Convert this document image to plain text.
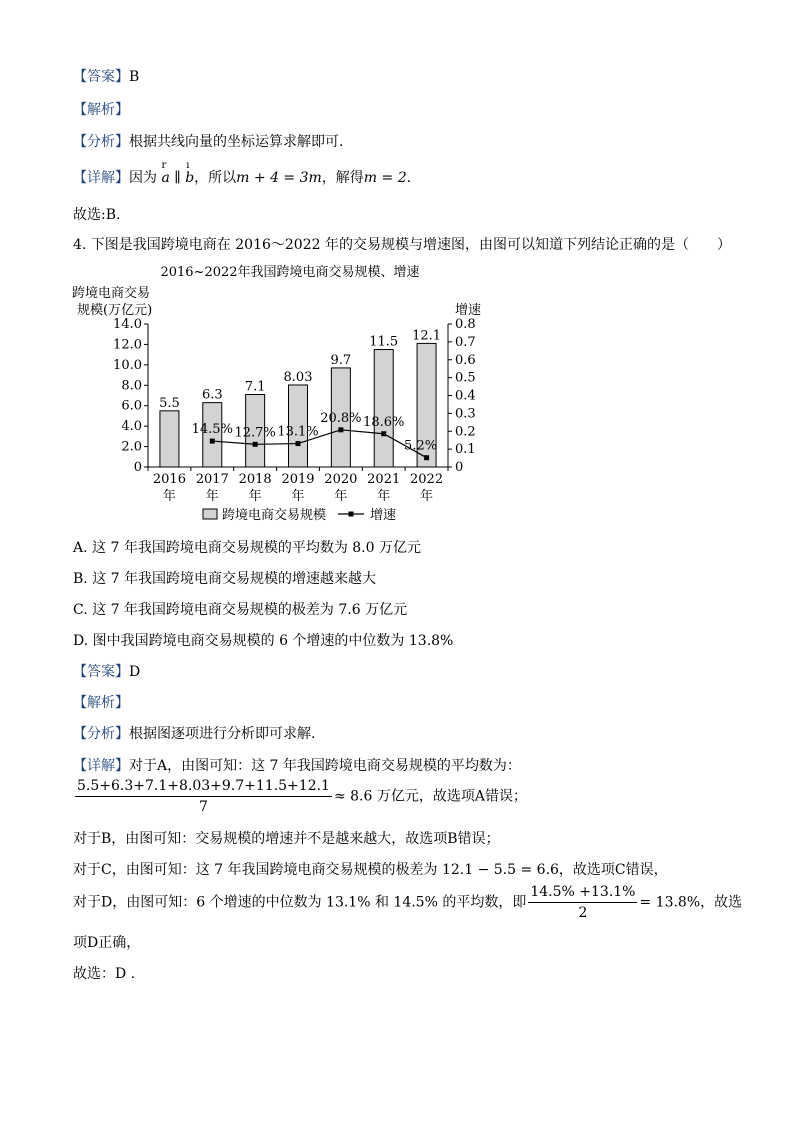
【答案】B
【解析】
【分析】根据共线向量的坐标运算求解即可.
【详解】因为
r
a ∥
ı
b，所以m + 4 = 3m，解得m = 2.
故选:B.
4. 下图是我国跨境电商在 2016～2022 年的交易规模与增速图，由图可以知道下列结论正确的是（　　）
2016~2022年我国跨境电商交易规模、增速
跨境电商交易
规模(万亿元)	增速
0
2.0
4.0
6.0
8.0
10.0
12.0
14.0
0
0.1
0.2
0.3
0.4
0.5
0.6
0.7
0.8
5.5
6.3
7.1
8.03
9.7
11.5 12.1
2016
年
2017
年
2018
年
2019
年
2020
年
2021
年
2022
年
14.5% 12.7% 13.1%
20.8% 18.6%
5.2%
跨境电商交易规模	增速
A. 这 7 年我国跨境电商交易规模的平均数为 8.0 万亿元
B. 这 7 年我国跨境电商交易规模的增速越来越大
C. 这 7 年我国跨境电商交易规模的极差为 7.6 万亿元
D. 图中我国跨境电商交易规模的 6 个增速的中位数为 13.8%
【答案】D
【解析】
【分析】根据图逐项进行分析即可求解.
【详解】对于A，由图可知：这 7 年我国跨境电商交易规模的平均数为：
$\frac{5.5+6.3+7.1+8.03+9.7+11.5+12.1}{7} \approx 8.6$ 万亿元，故选项A错误；
对于B，由图可知：交易规模的增速并不是越来越大，故选项B错误；
对于C，由图可知：这 7 年我国跨境电商交易规模的极差为 12.1 − 5.5 = 6.6，故选项C错误，
对于D，由图可知：6 个增速的中位数为 13.1% 和 14.5% 的平均数，即 $\frac{14.5\% +13.1\%}{2} = 13.8\%$，故选
项D正确，
故选：D .
